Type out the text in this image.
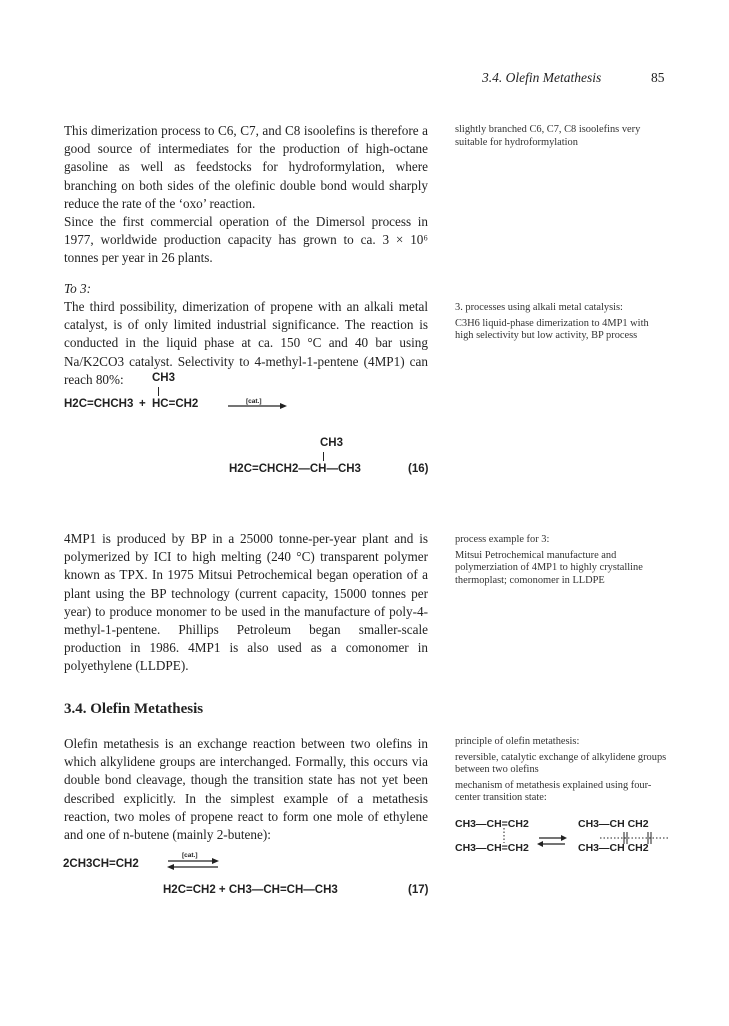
3.4. Olefin Metathesis	85

This dimerization process to C6, C7, and C8 isoolefins is therefore a good source of intermediates for the production of high-octane gasoline as well as feedstocks for hydroformylation, where branching on both sides of the olefinic double bond would sharply reduce the rate of the ‘oxo’ reaction.

Since the first commercial operation of the Dimersol process in 1977, worldwide production capacity has grown to ca. 3 × 10⁶ tonnes per year in 26 plants.

To 3:

The third possibility, dimerization of propene with an alkali metal catalyst, is of only limited industrial significance. The reaction is conducted in the liquid phase at ca. 150 °C and 40 bar using Na/K2CO3 catalyst. Selectivity to 4-methyl-1-pentene (4MP1) can reach 80%:	CH3
H2C=CHCH3 + HC=CH2	[cat.]
CH3
H2C=CHCH2—CH—CH3	(16)

4MP1 is produced by BP in a 25000 tonne-per-year plant and is polymerized by ICI to high melting (240 °C) transparent polymer known as TPX. In 1975 Mitsui Petrochemical began operation of a plant using the BP technology (current capacity, 15000 tonnes per year) to produce monomer to be used in the manufacture of poly-4-methyl-1-pentene. Phillips Petroleum began smaller-scale production in 1986. 4MP1 is also used as a comonomer in polyethylene (LLDPE).

3.4. Olefin Metathesis

Olefin metathesis is an exchange reaction between two olefins in which alkylidene groups are interchanged. Formally, this occurs via double bond cleavage, though the transition state has not yet been described explicitly. In the simplest example of a metathesis reaction, two moles of propene react to form one mole of ethylene and one of n-butene (mainly 2-butene):

[cat.]
2CH3CH=CH2
H2C=CH2 + CH3—CH=CH—CH3	(17)

slightly branched C6, C7, C8 isoolefins very suitable for hydroformylation

3. processes using alkali metal catalysis:

C3H6 liquid-phase dimerization to 4MP1 with high selectivity but low activity, BP process

process example for 3:

Mitsui Petrochemical manufacture and polymerziation of 4MP1 to highly crystalline thermoplast; comonomer in LLDPE

principle of olefin metathesis:

reversible, catalytic exchange of alkylidene groups between two olefins

mechanism of metathesis explained using four-center transition state:

CH3—CH=CH2
CH3—CH=CH2
CH3—CH CH2
CH3—CH CH2
